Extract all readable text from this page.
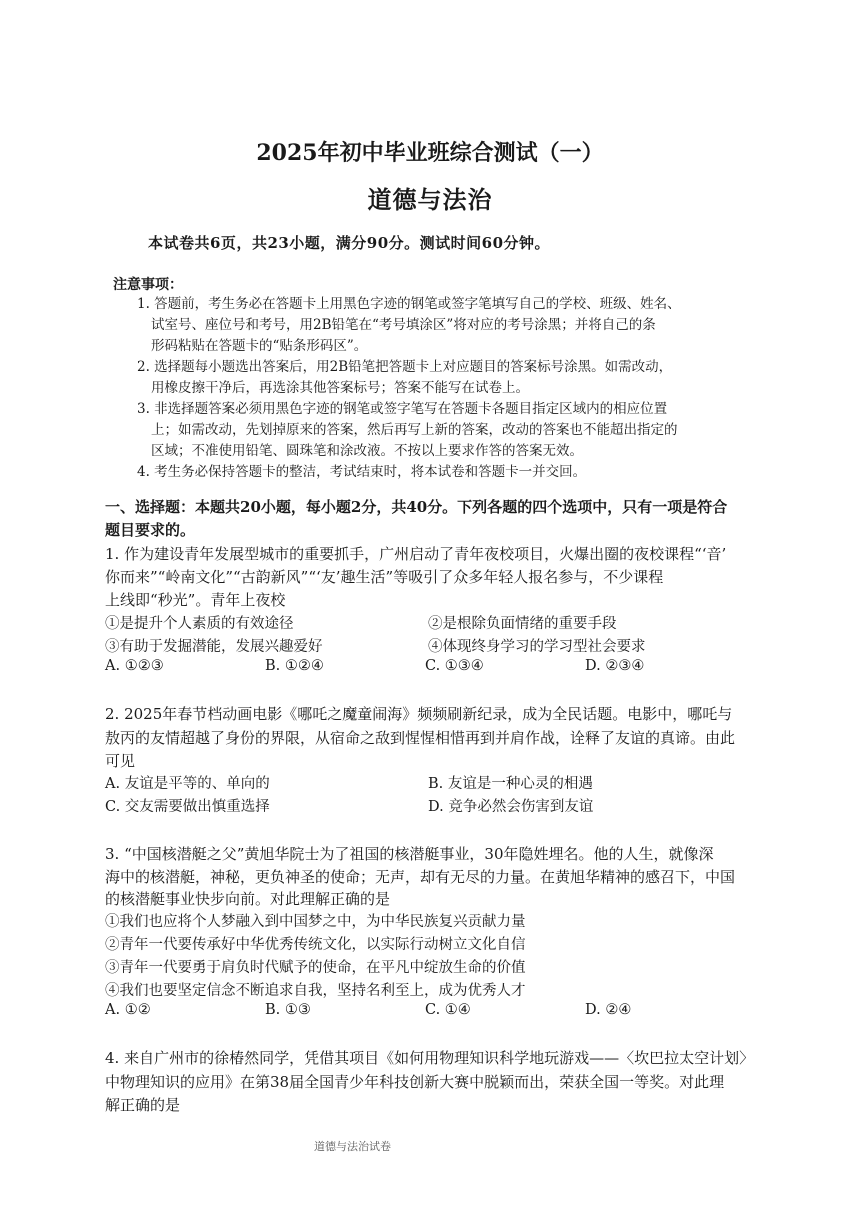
2025年初中毕业班综合测试（一）
道德与法治
本试卷共6页，共23小题，满分90分。测试时间60分钟。
注意事项：
1. 答题前，考生务必在答题卡上用黑色字迹的钢笔或签字笔填写自己的学校、班级、姓名、
试室号、座位号和考号，用2B铅笔在“考号填涂区”将对应的考号涂黑；并将自己的条
形码粘贴在答题卡的“贴条形码区”。
2. 选择题每小题选出答案后，用2B铅笔把答题卡上对应题目的答案标号涂黑。如需改动，
用橡皮擦干净后，再选涂其他答案标号；答案不能写在试卷上。
3. 非选择题答案必须用黑色字迹的钢笔或签字笔写在答题卡各题目指定区域内的相应位置
上；如需改动，先划掉原来的答案，然后再写上新的答案，改动的答案也不能超出指定的
区域；不准使用铅笔、圆珠笔和涂改液。不按以上要求作答的答案无效。
4. 考生务必保持答题卡的整洁，考试结束时，将本试卷和答题卡一并交回。
一、选择题：本题共20小题，每小题2分，共40分。下列各题的四个选项中，只有一项是符合
题目要求的。
1. 作为建设青年发展型城市的重要抓手，广州启动了青年夜校项目，火爆出圈的夜校课程“‘音’
你而来”“岭南文化”“古韵新风”“‘友’趣生活”等吸引了众多年轻人报名参与，不少课程
上线即“秒光”。青年上夜校
①是提升个人素质的有效途径	②是根除负面情绪的重要手段
③有助于发掘潜能，发展兴趣爱好	④体现终身学习的学习型社会要求
A. ①②③	B. ①②④	C. ①③④	D. ②③④
2. 2025年春节档动画电影《哪吒之魔童闹海》频频刷新纪录，成为全民话题。电影中，哪吒与
敖丙的友情超越了身份的界限，从宿命之敌到惺惺相惜再到并肩作战，诠释了友谊的真谛。由此
可见
A. 友谊是平等的、单向的	B. 友谊是一种心灵的相遇
C. 交友需要做出慎重选择	D. 竞争必然会伤害到友谊
3. “中国核潜艇之父”黄旭华院士为了祖国的核潜艇事业，30年隐姓埋名。他的人生，就像深
海中的核潜艇，神秘，更负神圣的使命；无声，却有无尽的力量。在黄旭华精神的感召下，中国
的核潜艇事业快步向前。对此理解正确的是
①我们也应将个人梦融入到中国梦之中，为中华民族复兴贡献力量
②青年一代要传承好中华优秀传统文化，以实际行动树立文化自信
③青年一代要勇于肩负时代赋予的使命，在平凡中绽放生命的价值
④我们也要坚定信念不断追求自我，坚持名利至上，成为优秀人才
A. ①②	B. ①③	C. ①④	D. ②④
4. 来自广州市的徐椿然同学，凭借其项目《如何用物理知识科学地玩游戏——〈坎巴拉太空计划〉
中物理知识的应用》在第38届全国青少年科技创新大赛中脱颖而出，荣获全国一等奖。对此理
解正确的是
道德与法治试卷
